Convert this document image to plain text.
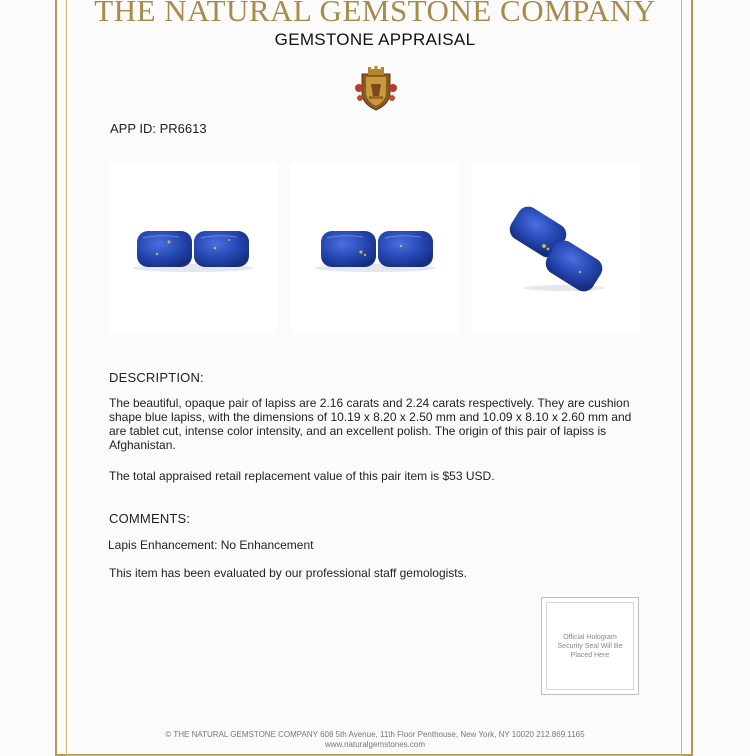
THE NATURAL GEMSTONE COMPANY
GEMSTONE APPRAISAL
APP ID: PR6613
DESCRIPTION:
The beautiful, opaque pair of lapiss are 2.16 carats and 2.24 carats respectively. They are cushion shape blue lapiss, with the dimensions of 10.19 x 8.20 x 2.50 mm and 10.09 x 8.10 x 2.60 mm and are tablet cut, intense color intensity, and an excellent polish. The origin of this pair of lapiss is Afghanistan.
The total appraised retail replacement value of this pair item is $53 USD.
COMMENTS:
Lapis Enhancement: No Enhancement
This item has been evaluated by our professional staff gemologists.
Official Hologram Security Seal Will Be Placed Here
© THE NATURAL GEMSTONE COMPANY 608 5th Avenue, 11th Floor Penthouse, New York, NY 10020 212.869.1165
www.naturalgemstones.com
